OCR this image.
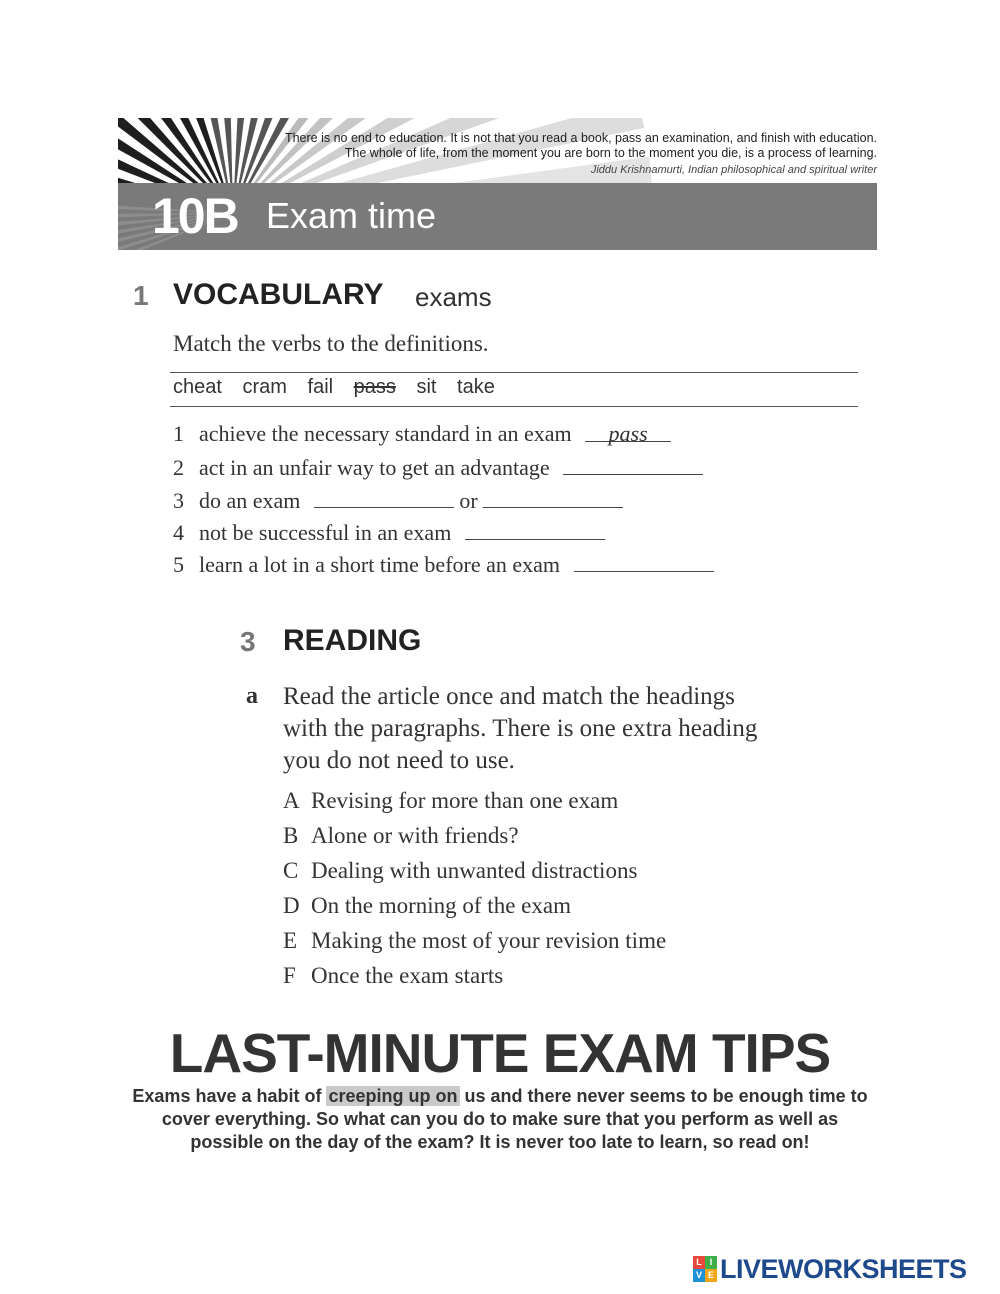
There is no end to education. It is not that you read a book, pass an examination, and finish with education.
The whole of life, from the moment you are born to the moment you die, is a process of learning.
Jiddu Krishnamurti, Indian philosophical and spiritual writer
10B Exam time
1 VOCABULARY exams
Match the verbs to the definitions.
cheat cram fail pass sit take
1 achieve the necessary standard in an exam pass
2 act in an unfair way to get an advantage
3 do an exam	or
4 not be successful in an exam
5 learn a lot in a short time before an exam
3 READING
a Read the article once and match the headings with the paragraphs. There is one extra heading you do not need to use.
A Revising for more than one exam
B Alone or with friends?
C Dealing with unwanted distractions
D On the morning of the exam
E Making the most of your revision time
F Once the exam starts
LAST-MINUTE EXAM TIPS
Exams have a habit of creeping up on us and there never seems to be enough time to cover everything. So what can you do to make sure that you perform as well as possible on the day of the exam? It is never too late to learn, so read on!
L I
V E LIVEWORKSHEETS
